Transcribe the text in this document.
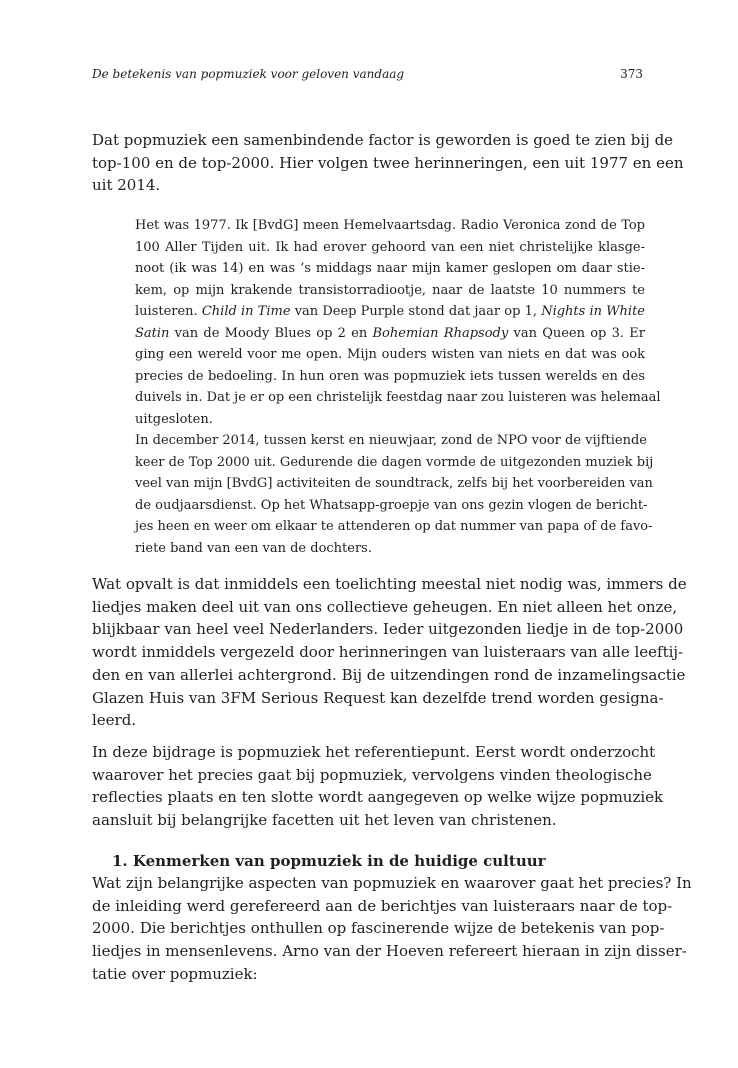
De betekenis van popmuziek voor geloven vandaag	373

Dat popmuziek een samenbindende factor is geworden is goed te zien bij de
top-100 en de top-2000. Hier volgen twee herinneringen, een uit 1977 en een
uit 2014.

Het was 1977. Ik [BvdG] meen Hemelvaartsdag. Radio Veronica zond de Top
100 Aller Tijden uit. Ik had erover gehoord van een niet christelijke klasge-
noot (ik was 14) en was ‘s middags naar mijn kamer geslopen om daar stie-
kem, op mijn krakende transistorradiootje, naar de laatste 10 nummers te
luisteren. Child in Time van Deep Purple stond dat jaar op 1, Nights in White
Satin van de Moody Blues op 2 en Bohemian Rhapsody van Queen op 3. Er
ging een wereld voor me open. Mijn ouders wisten van niets en dat was ook
precies de bedoeling. In hun oren was popmuziek iets tussen werelds en des
duivels in. Dat je er op een christelijk feestdag naar zou luisteren was helemaal
uitgesloten.
In december 2014, tussen kerst en nieuwjaar, zond de NPO voor de vijftiende
keer de Top 2000 uit. Gedurende die dagen vormde de uitgezonden muziek bij
veel van mijn [BvdG] activiteiten de soundtrack, zelfs bij het voorbereiden van
de oudjaarsdienst. Op het Whatsapp-groepje van ons gezin vlogen de bericht-
jes heen en weer om elkaar te attenderen op dat nummer van papa of de favo-
riete band van een van de dochters.

Wat opvalt is dat inmiddels een toelichting meestal niet nodig was, immers de
liedjes maken deel uit van ons collectieve geheugen. En niet alleen het onze,
blijkbaar van heel veel Nederlanders. Ieder uitgezonden liedje in de top-2000
wordt inmiddels vergezeld door herinneringen van luisteraars van alle leeftij-
den en van allerlei achtergrond. Bij de uitzendingen rond de inzamelingsactie
Glazen Huis van 3FM Serious Request kan dezelfde trend worden gesigna-
leerd.

In deze bijdrage is popmuziek het referentiepunt. Eerst wordt onderzocht
waarover het precies gaat bij popmuziek, vervolgens vinden theologische
reflecties plaats en ten slotte wordt aangegeven op welke wijze popmuziek
aansluit bij belangrijke facetten uit het leven van christenen.

1. Kenmerken van popmuziek in de huidige cultuur

Wat zijn belangrijke aspecten van popmuziek en waarover gaat het precies? In
de inleiding werd gerefereerd aan de berichtjes van luisteraars naar de top-
2000. Die berichtjes onthullen op fascinerende wijze de betekenis van pop-
liedjes in mensenlevens. Arno van der Hoeven refereert hieraan in zijn disser-
tatie over popmuziek:
